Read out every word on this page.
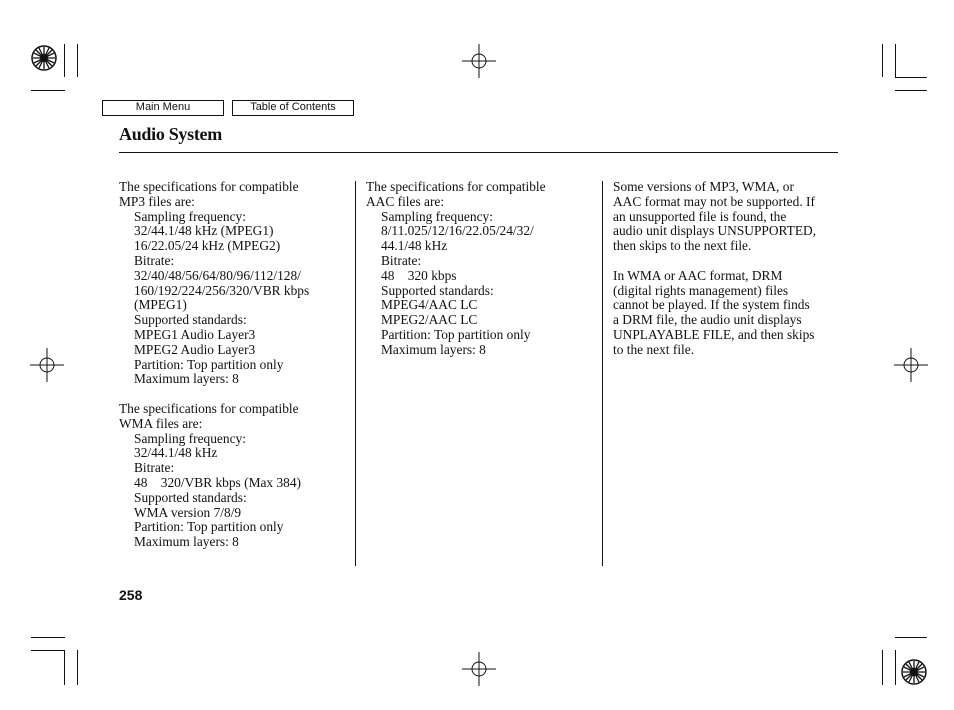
Main Menu	Table of Contents
Audio System
The specifications for compatible
MP3 files are:
Sampling frequency:
32/44.1/48 kHz (MPEG1)
16/22.05/24 kHz (MPEG2)
Bitrate:
32/40/48/56/64/80/96/112/128/
160/192/224/256/320/VBR kbps
(MPEG1)
Supported standards:
MPEG1 Audio Layer3
MPEG2 Audio Layer3
Partition: Top partition only
Maximum layers: 8
The specifications for compatible
WMA files are:
Sampling frequency:
32/44.1/48 kHz
Bitrate:
48    320/VBR kbps (Max 384)
Supported standards:
WMA version 7/8/9
Partition: Top partition only
Maximum layers: 8
The specifications for compatible
AAC files are:
Sampling frequency:
8/11.025/12/16/22.05/24/32/
44.1/48 kHz
Bitrate:
48    320 kbps
Supported standards:
MPEG4/AAC LC
MPEG2/AAC LC
Partition: Top partition only
Maximum layers: 8
Some versions of MP3, WMA, or
AAC format may not be supported. If
an unsupported file is found, the
audio unit displays UNSUPPORTED,
then skips to the next file.
In WMA or AAC format, DRM
(digital rights management) files
cannot be played. If the system finds
a DRM file, the audio unit displays
UNPLAYABLE FILE, and then skips
to the next file.
258
